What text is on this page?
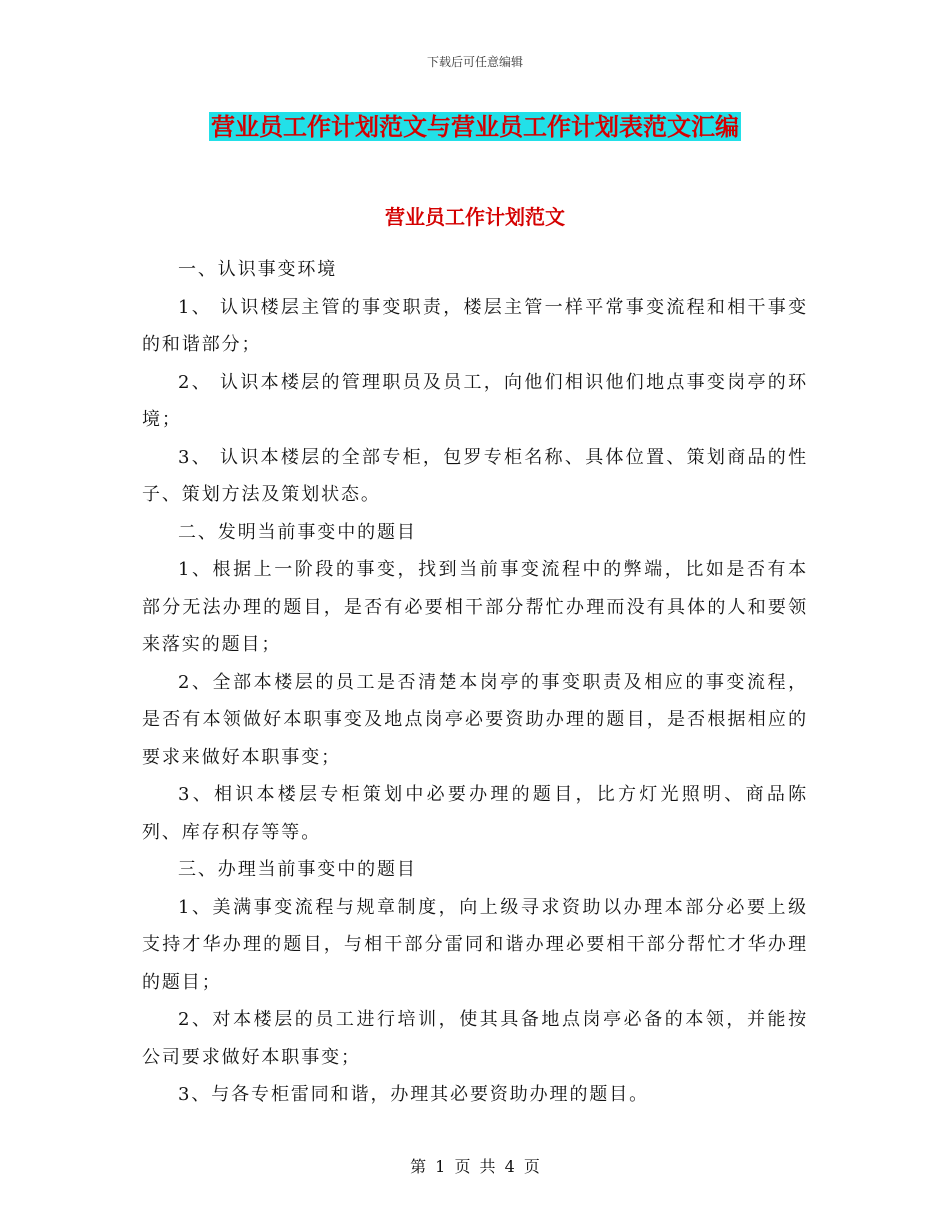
下载后可任意编辑
营业员工作计划范文与营业员工作计划表范文汇编
营业员工作计划范文

一、认识事变环境

1、 认识楼层主管的事变职责，楼层主管一样平常事变流程和相干事变的和谐部分；

2、 认识本楼层的管理职员及员工，向他们相识他们地点事变岗亭的环境；

3、 认识本楼层的全部专柜，包罗专柜名称、具体位置、策划商品的性子、策划方法及策划状态。

二、发明当前事变中的题目

1、根据上一阶段的事变，找到当前事变流程中的弊端，比如是否有本部分无法办理的题目，是否有必要相干部分帮忙办理而没有具体的人和要领来落实的题目；

2、全部本楼层的员工是否清楚本岗亭的事变职责及相应的事变流程，是否有本领做好本职事变及地点岗亭必要资助办理的题目，是否根据相应的要求来做好本职事变；

3、相识本楼层专柜策划中必要办理的题目，比方灯光照明、商品陈列、库存积存等等。

三、办理当前事变中的题目

1、美满事变流程与规章制度，向上级寻求资助以办理本部分必要上级支持才华办理的题目，与相干部分雷同和谐办理必要相干部分帮忙才华办理的题目；

2、对本楼层的员工进行培训，使其具备地点岗亭必备的本领，并能按公司要求做好本职事变；

3、与各专柜雷同和谐，办理其必要资助办理的题目。

第 1 页 共 4 页
